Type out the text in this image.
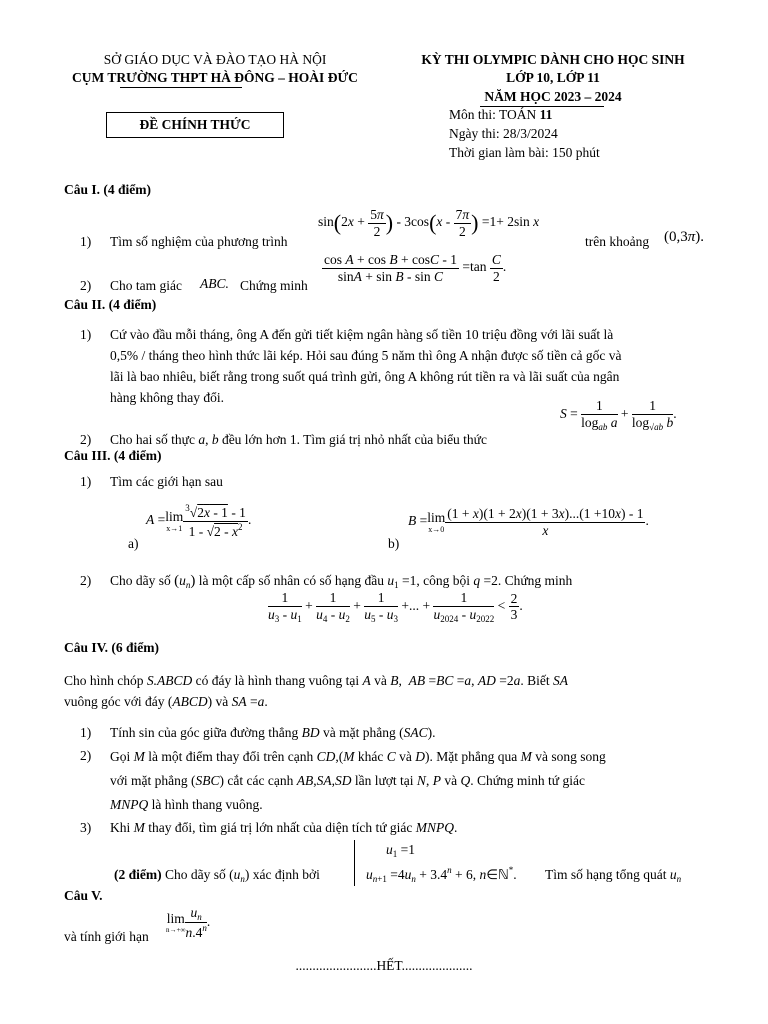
SỞ GIÁO DỤC VÀ ĐÀO TẠO HÀ NỘI
CỤM TRƯỜNG THPT HÀ ĐÔNG – HOÀI ĐỨC
KỲ THI OLYMPIC DÀNH CHO HỌC SINH
LỚP 10, LỚP 11
NĂM HỌC 2023 – 2024
ĐỀ CHÍNH THỨC
Môn thi: TOÁN 11
Ngày thi: 28/3/2024
Thời gian làm bài: 150 phút
Câu I. (4 điểm)
1) Tìm số nghiệm của phương trình
$\sin(2x + \frac{5\pi}{2}$ ) - $3\cos(x - \frac{7\pi}{2}$ ) =1+ 2sin x
trên khoảng (0,3π).
2) Cho tam giác ABC. Chứng minh
$\frac{\text{cos A + cos B + cosC - 1}}{\text{sinA + sin B - sin C}} =\tan \frac{C}{2}$ .
Câu II. (4 điểm)
1) Cứ vào đầu mỗi tháng, ông A đến gửi tiết kiệm ngân hàng số tiền 10 triệu đồng với lãi suất là
0,5% / tháng theo hình thức lãi kép. Hỏi sau đúng 5 năm thì ông A nhận được số tiền cả gốc và
lãi là bao nhiêu, biết rằng trong suốt quá trình gửi, ông A không rút tiền ra và lãi suất của ngân
hàng không thay đổi.
2) Cho hai số thực a, b đều lớn hơn 1. Tìm giá trị nhỏ nhất của biểu thức
$S = \frac{1}{\log_{ab} a} + \frac{1}{\log_{√ab} b}$ .
Câu III. (4 điểm)
1) Tìm các giới hạn sau
a)
A = lim
$x\to 1 \frac{^3√2x - 1 - 1}{1 - √2 - x^2}$ .
b)
B = lim
$x\to 0 \frac{(1 + x)(1 + 2x)(1 + 3x)...(1 +10x) - 1}{x}$ .
2) Cho dãy số $(u_n)$ là một cấp số nhân có số hạng đầu $u_1 =1$, công bội q =2. Chứng minh
$\frac{1}{u_3 - u_1} + \frac{1}{u_4 - u_2} + \frac{1}{u_5 - u_3}$ +... + $\frac{1}{u_{2024} - u_{2022}} < \frac{2}{3}$ .
Câu IV. (6 điểm)
Cho hình chóp S.ABCD có đáy là hình thang vuông tại A và B,  AB =BC =a, AD =2a. Biết SA
vuông góc với đáy (ABCD) và SA =a.
1) Tính sin của góc giữa đường thẳng BD và mặt phẳng (SAC).
2) Gọi M là một điểm thay đổi trên cạnh CD,(M khác C và D). Mặt phẳng qua M và song song
với mặt phẳng (SBC) cắt các cạnh AB,SA,SD lần lượt tại N, P và Q. Chứng minh tứ giác
MNPQ là hình thang vuông.
3) Khi M thay đổi, tìm giá trị lớn nhất của diện tích tứ giác MNPQ.
(2 điểm) Cho dãy số $(u_n)$ xác định bởi
$u_1 =1$
$u_{n+1} =4u_n + 3.4^n + 6$, n∈ℕ*. Tìm số hạng tổng quát $u_n$
Câu V.
và tính giới hạn
lim
$n\to+\infty \frac{u_n}{n.4^n}$ .
........................HẾT.....................
